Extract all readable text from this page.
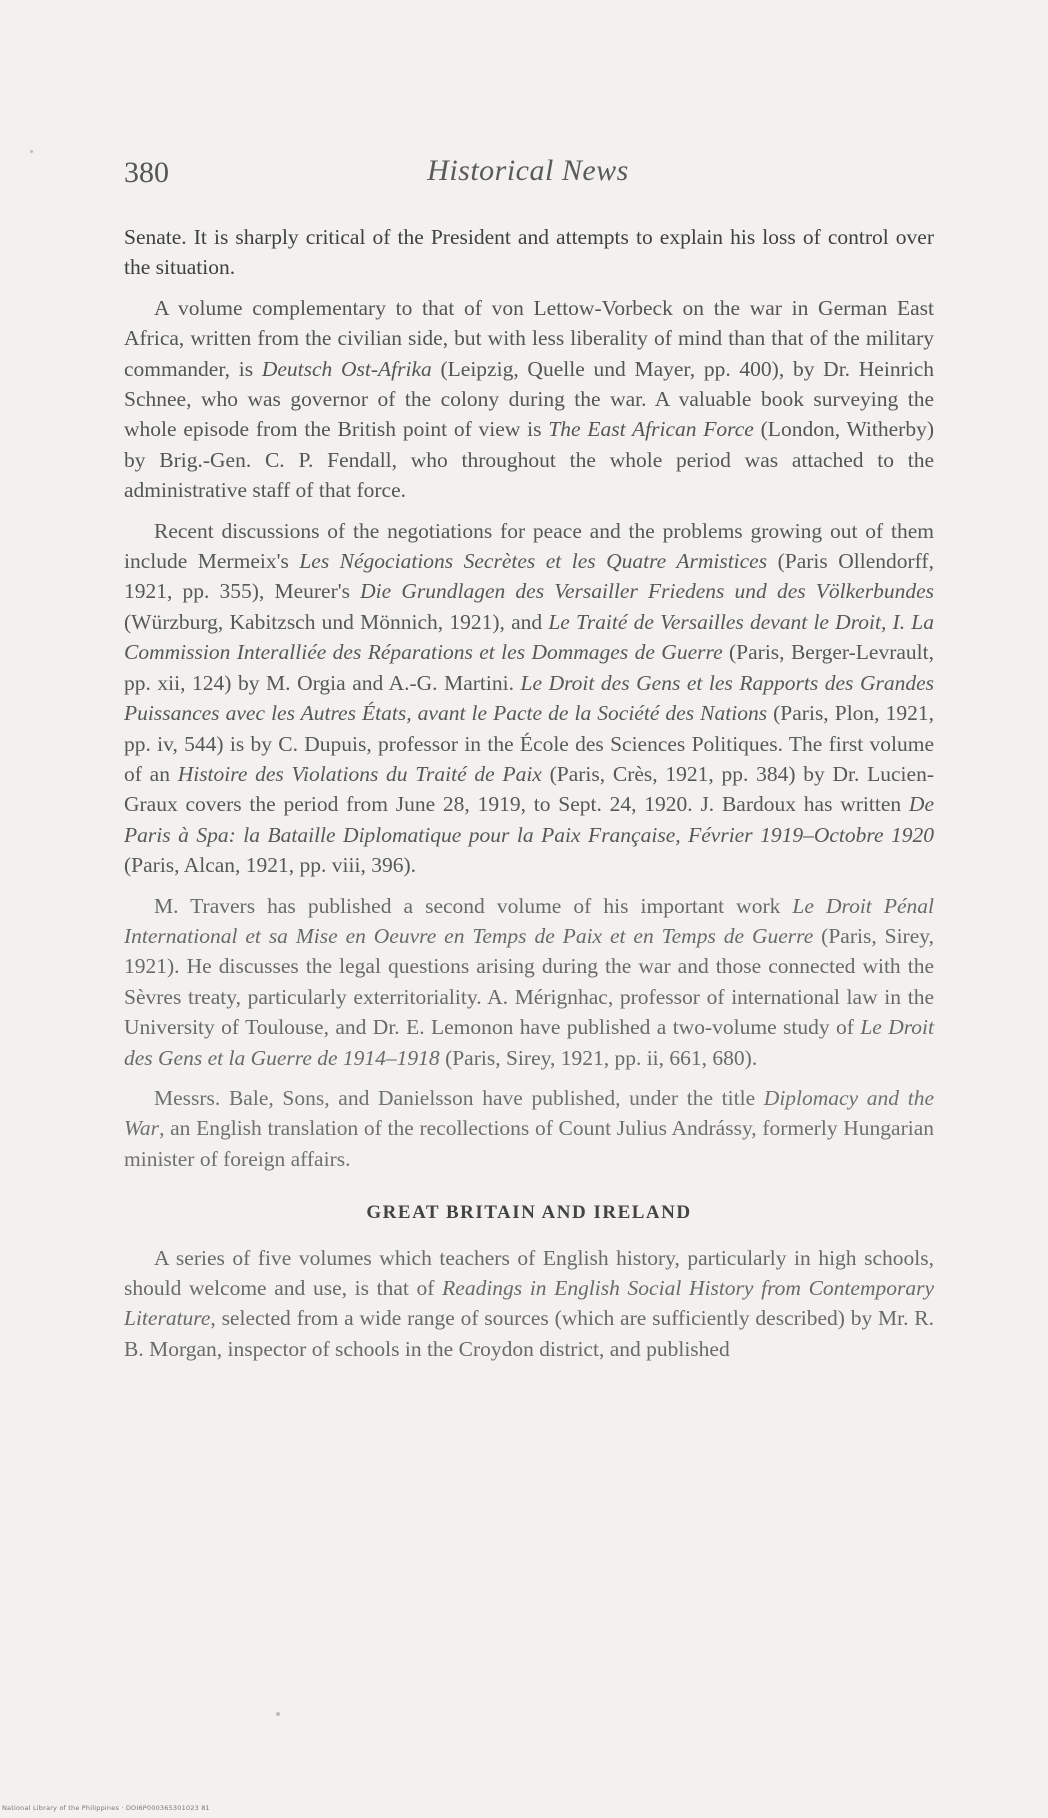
380	Historical News

Senate. It is sharply critical of the President and attempts to explain his loss of control over the situation.

A volume complementary to that of von Lettow-Vorbeck on the war in German East Africa, written from the civilian side, but with less liberality of mind than that of the military commander, is Deutsch Ost-Afrika (Leipzig, Quelle und Mayer, pp. 400), by Dr. Heinrich Schnee, who was governor of the colony during the war. A valuable book surveying the whole episode from the British point of view is The East African Force (London, Witherby) by Brig.-Gen. C. P. Fendall, who throughout the whole period was attached to the administrative staff of that force.

Recent discussions of the negotiations for peace and the problems growing out of them include Mermeix's Les Négociations Secrètes et les Quatre Armistices (Paris Ollendorff, 1921, pp. 355), Meurer's Die Grundlagen des Versailler Friedens und des Völkerbundes (Würzburg, Kabitzsch und Mönnich, 1921), and Le Traité de Versailles devant le Droit, I. La Commission Interalliée des Réparations et les Dommages de Guerre (Paris, Berger-Levrault, pp. xii, 124) by M. Orgia and A.-G. Martini. Le Droit des Gens et les Rapports des Grandes Puissances avec les Autres États, avant le Pacte de la Société des Nations (Paris, Plon, 1921, pp. iv, 544) is by C. Dupuis, professor in the École des Sciences Politiques. The first volume of an Histoire des Violations du Traité de Paix (Paris, Crès, 1921, pp. 384) by Dr. Lucien-Graux covers the period from June 28, 1919, to Sept. 24, 1920. J. Bardoux has written De Paris à Spa: la Bataille Diplomatique pour la Paix Française, Février 1919–Octobre 1920 (Paris, Alcan, 1921, pp. viii, 396).

M. Travers has published a second volume of his important work Le Droit Pénal International et sa Mise en Oeuvre en Temps de Paix et en Temps de Guerre (Paris, Sirey, 1921). He discusses the legal questions arising during the war and those connected with the Sèvres treaty, particularly exterritoriality. A. Mérignhac, professor of international law in the University of Toulouse, and Dr. E. Lemonon have published a two-volume study of Le Droit des Gens et la Guerre de 1914–1918 (Paris, Sirey, 1921, pp. ii, 661, 680).

Messrs. Bale, Sons, and Danielsson have published, under the title Diplomacy and the War, an English translation of the recollections of Count Julius Andrássy, formerly Hungarian minister of foreign affairs.

GREAT BRITAIN AND IRELAND

A series of five volumes which teachers of English history, particularly in high schools, should welcome and use, is that of Readings in English Social History from Contemporary Literature, selected from a wide range of sources (which are sufficiently described) by Mr. R. B. Morgan, inspector of schools in the Croydon district, and published

National Library of the Philippines · DOI6P000365301023 81
